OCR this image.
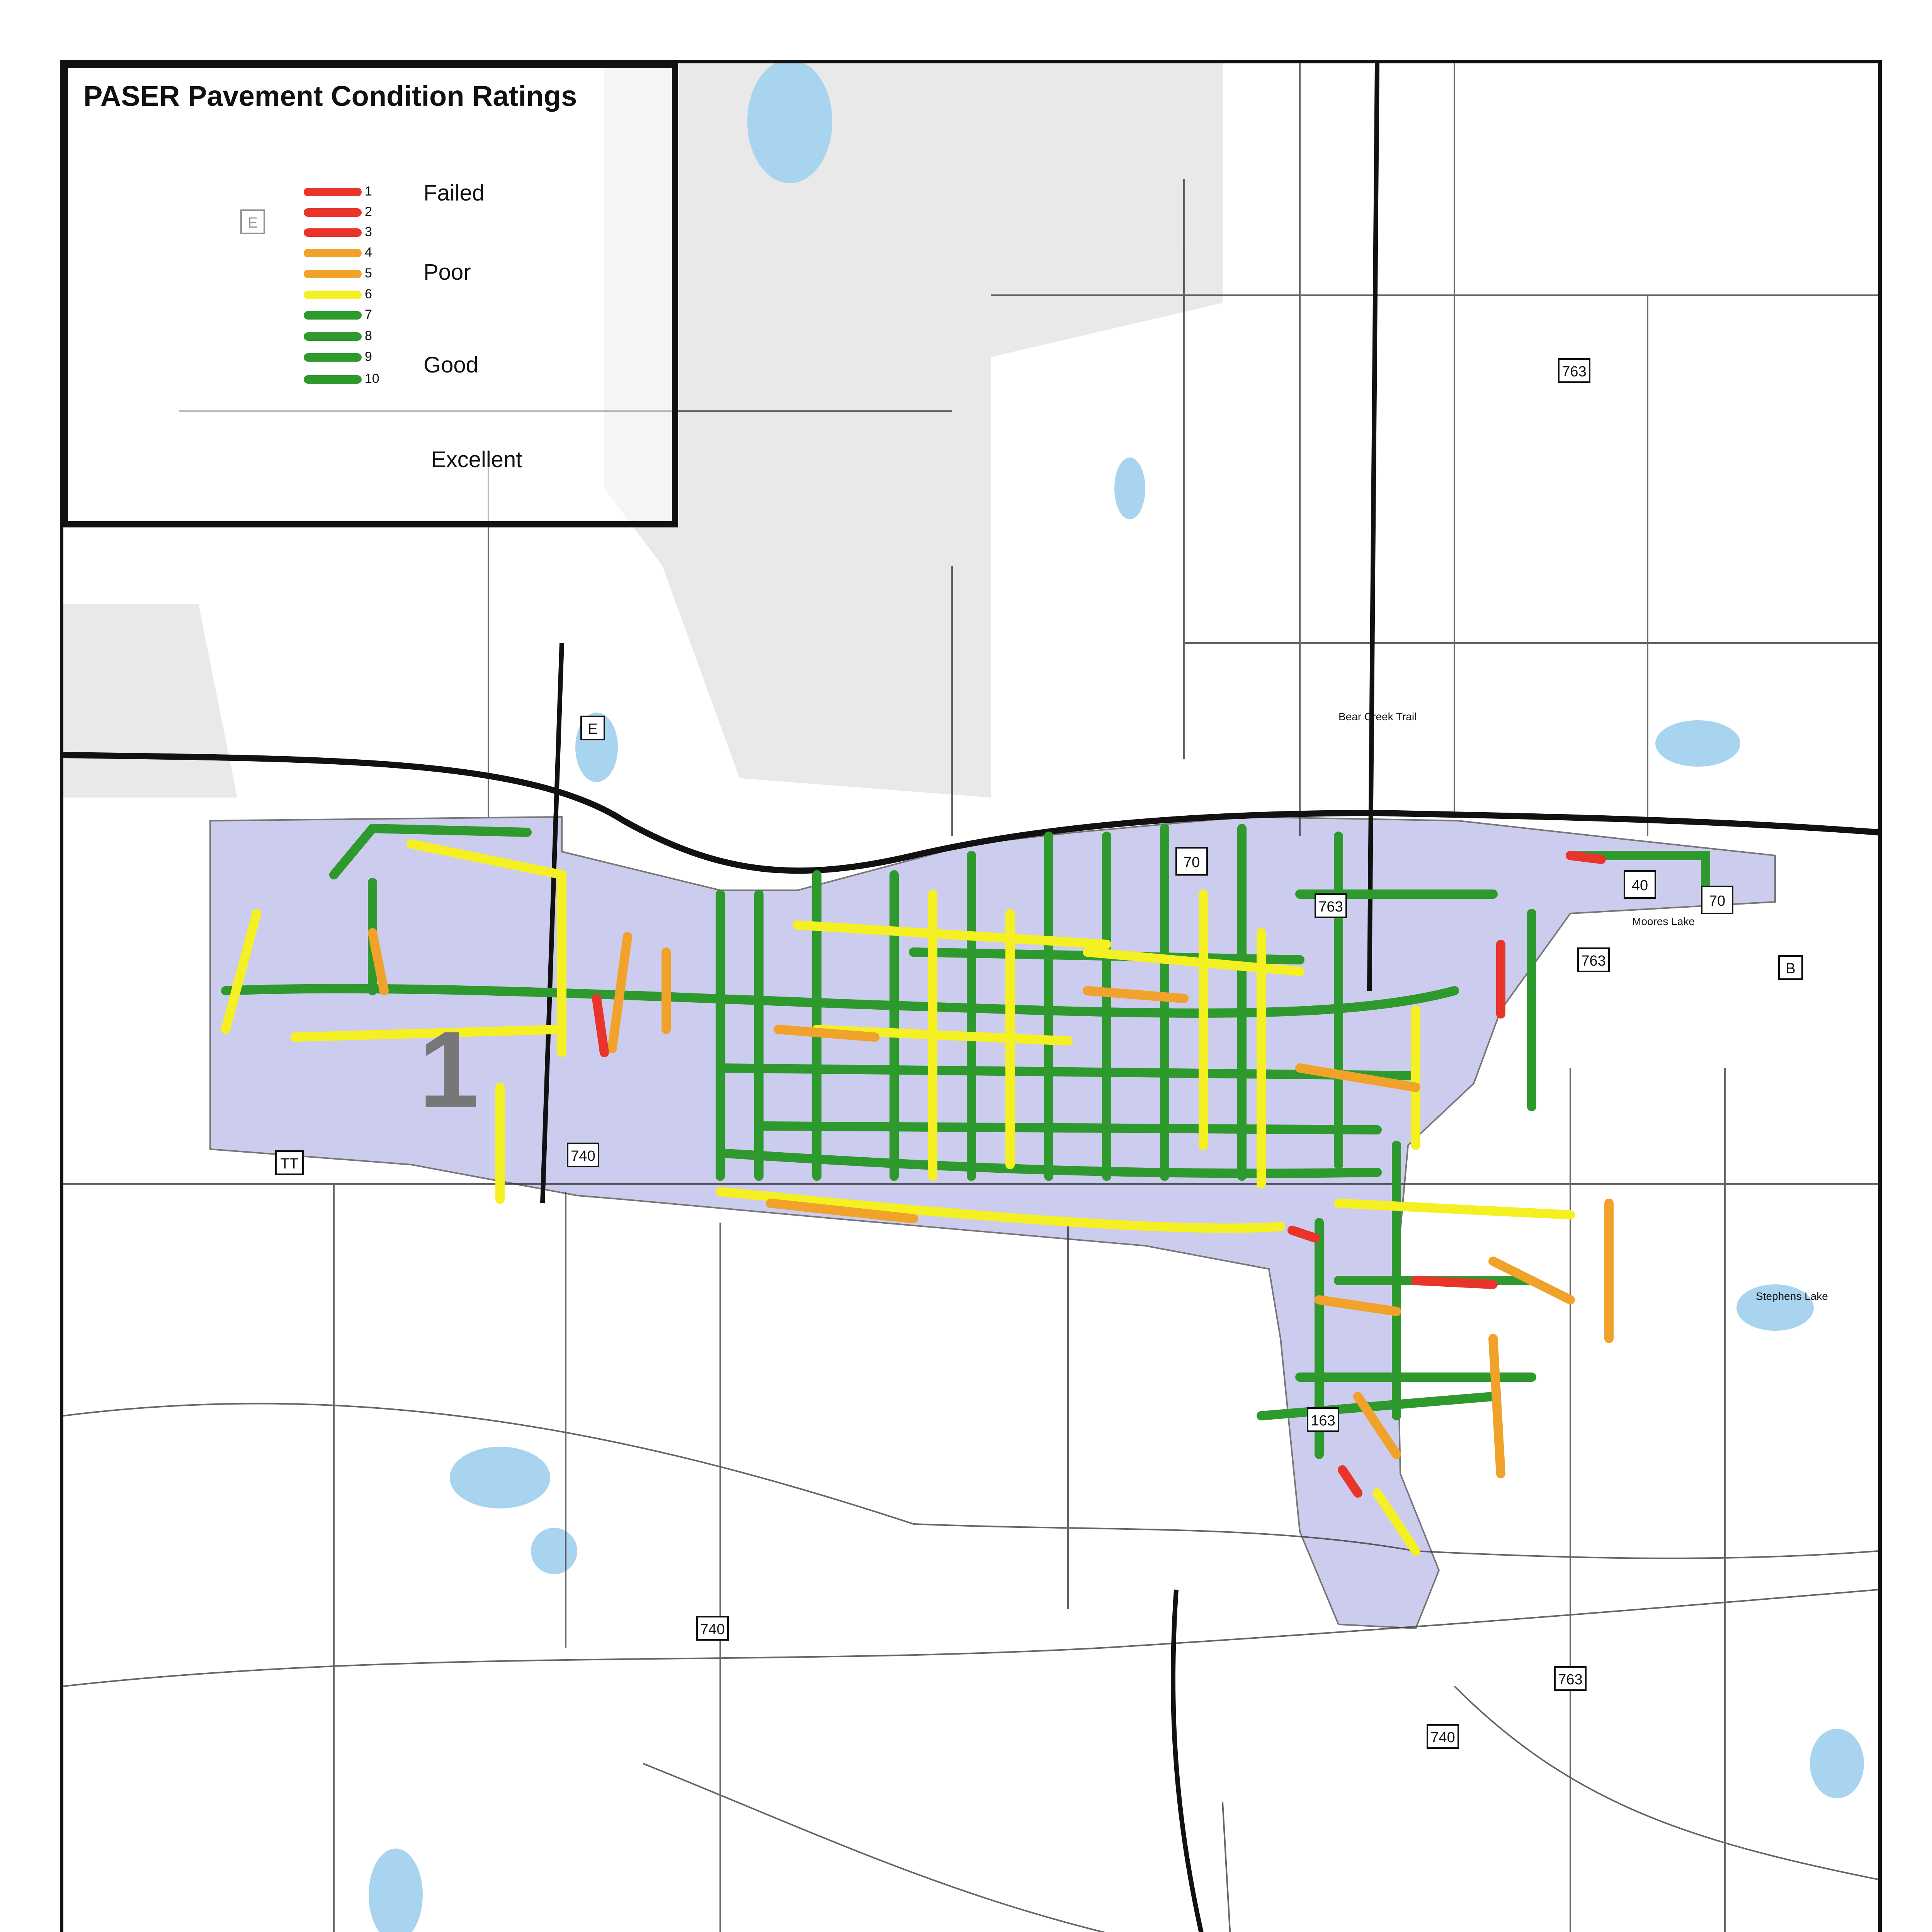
1
70
40
70
763
763
763
740
740
740
763
163
E
B
TT
Bear Creek Trail
Stephens Lake
Moores Lake
PASER Pavement Condition Ratings
1
2
3
4
5
6
7
8
9
10
Failed
Poor
Good
Excellent
